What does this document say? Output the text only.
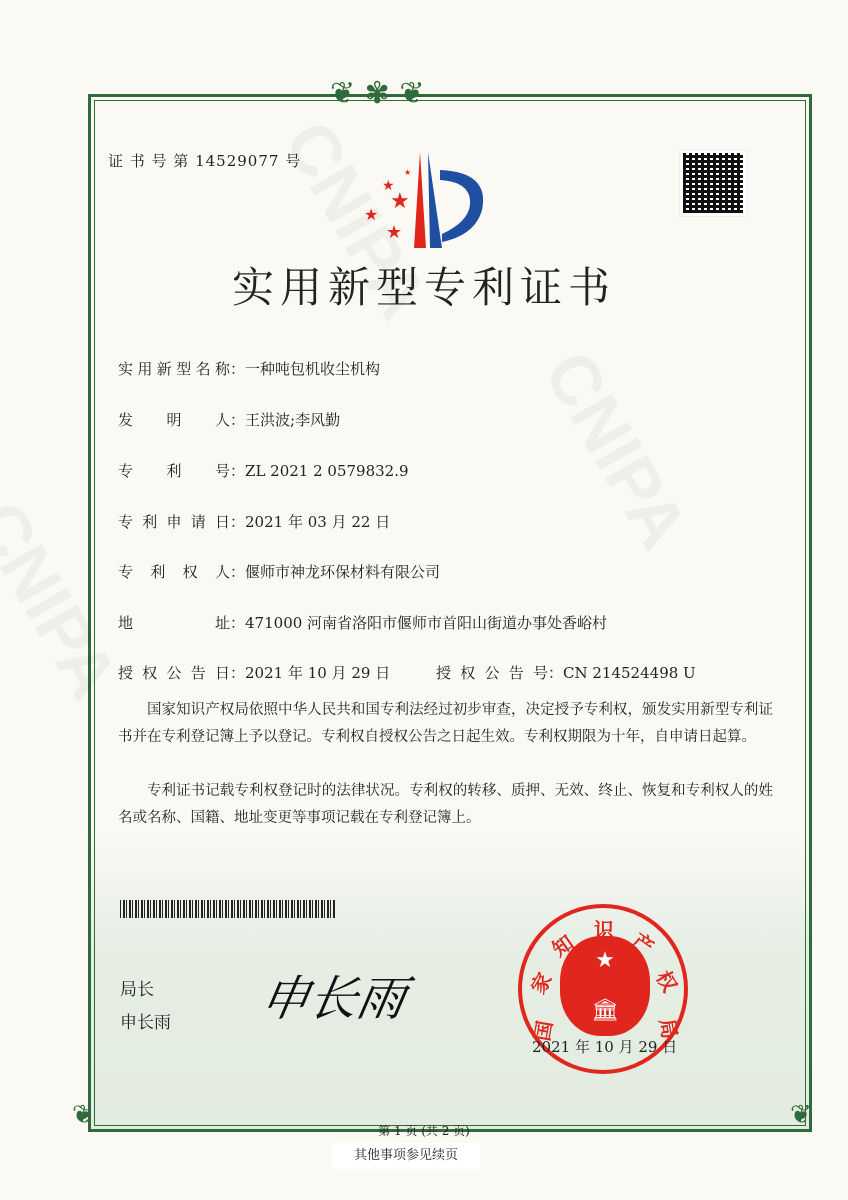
❦ ✾ ❦
❦	❦
证 书 号 第 14529077 号
★
★
★
★
★
实用新型专利证书
实用新型名称：一种吨包机收尘机构
发明人：王洪波;李风勤
专利号：ZL 2021 2 0579832.9
专利申请日：2021 年 03 月 22 日
专利权人：偃师市神龙环保材料有限公司
地址：471000 河南省洛阳市偃师市首阳山街道办事处香峪村
授权公告日：2021 年 10 月 29 日	授权公告号：CN 214524498 U
国家知识产权局依照中华人民共和国专利法经过初步审查，决定授予专利权，颁发实用新型专利证书并在专利登记簿上予以登记。专利权自授权公告之日起生效。专利权期限为十年，自申请日起算。
专利证书记载专利权登记时的法律状况。专利权的转移、质押、无效、终止、恢复和专利权人的姓名或名称、国籍、地址变更等事项记载在专利登记簿上。
局长
申长雨 申长雨
★
🏛
国
家
知
识 产
权
局
2021 年 10 月 29 日
第 1 页 (共 2 页)
其他事项参见续页
